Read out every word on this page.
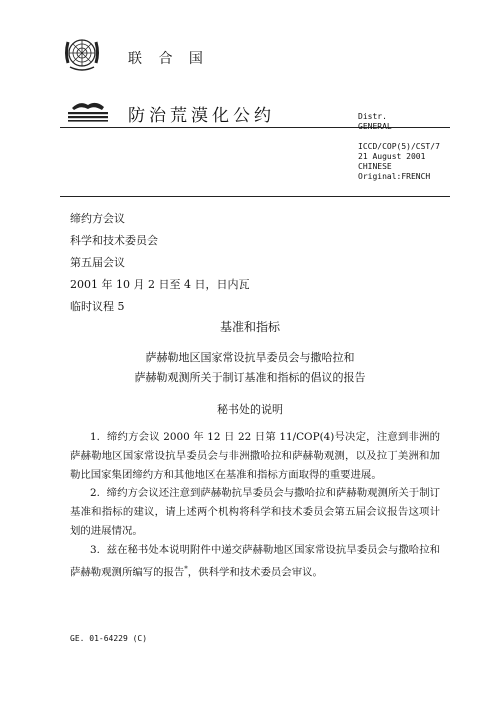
联 合 国
防治荒漠化公约	Distr.
GENERAL
ICCD/COP(5)/CST/7
21 August 2001
CHINESE
Original:FRENCH
缔约方会议
科学和技术委员会
第五届会议
2001 年 10 月 2 日至 4 日，日内瓦
临时议程 5
基准和指标
萨赫勒地区国家常设抗旱委员会与撒哈拉和
萨赫勒观测所关于制订基准和指标的倡议的报告
秘书处的说明
1. 缔约方会议 2000 年 12 日 22 日第 11/COP(4)号决定，注意到非洲的萨赫勒地区国家常设抗旱委员会与非洲撒哈拉和萨赫勒观测，以及拉丁美洲和加勒比国家集团缔约方和其他地区在基准和指标方面取得的重要进展。
2. 缔约方会议还注意到萨赫勒抗旱委员会与撒哈拉和萨赫勒观测所关于制订基准和指标的建议，请上述两个机构将科学和技术委员会第五届会议报告这项计划的进展情况。
3. 兹在秘书处本说明附件中递交萨赫勒地区国家常设抗旱委员会与撒哈拉和萨赫勒观测所编写的报告*，供科学和技术委员会审议。
GE. 01-64229 (C)
